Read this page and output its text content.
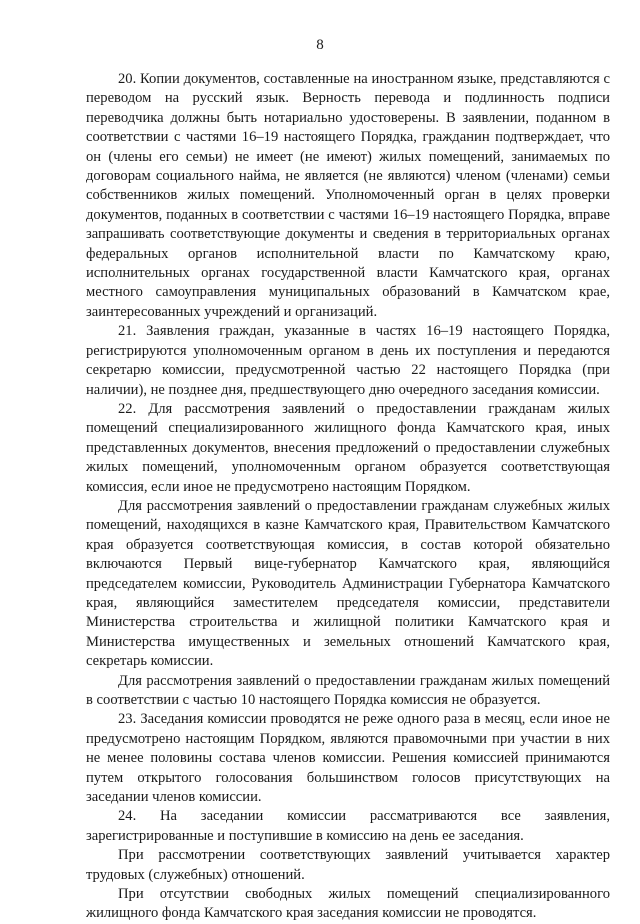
8

20. Копии документов, составленные на иностранном языке, представляются с переводом на русский язык. Верность перевода и подлинность подписи переводчика должны быть нотариально удостоверены. В заявлении, поданном в соответствии с частями 16–19 настоящего Порядка, гражданин подтверждает, что он (члены его семьи) не имеет (не имеют) жилых помещений, занимаемых по договорам социального найма, не является (не являются) членом (членами) семьи собственников жилых помещений. Уполномоченный орган в целях проверки документов, поданных в соответствии с частями 16–19 настоящего Порядка, вправе запрашивать соответствующие документы и сведения в территориальных органах федеральных органов исполнительной власти по Камчатскому краю, исполнительных органах государственной власти Камчатского края, органах местного самоуправления муниципальных образований в Камчатском крае, заинтересованных учреждений и организаций.

21. Заявления граждан, указанные в частях 16–19 настоящего Порядка, регистрируются уполномоченным органом в день их поступления и передаются секретарю комиссии, предусмотренной частью 22 настоящего Порядка (при наличии), не позднее дня, предшествующего дню очередного заседания комиссии.

22. Для рассмотрения заявлений о предоставлении гражданам жилых помещений специализированного жилищного фонда Камчатского края, иных представленных документов, внесения предложений о предоставлении служебных жилых помещений, уполномоченным органом образуется соответствующая комиссия, если иное не предусмотрено настоящим Порядком.

Для рассмотрения заявлений о предоставлении гражданам служебных жилых помещений, находящихся в казне Камчатского края, Правительством Камчатского края образуется соответствующая комиссия, в состав которой обязательно включаются Первый вице-губернатор Камчатского края, являющийся председателем комиссии, Руководитель Администрации Губернатора Камчатского края, являющийся заместителем председателя комиссии, представители Министерства строительства и жилищной политики Камчатского края и Министерства имущественных и земельных отношений Камчатского края, секретарь комиссии.

Для рассмотрения заявлений о предоставлении гражданам жилых помещений в соответствии с частью 10 настоящего Порядка комиссия не образуется.

23. Заседания комиссии проводятся не реже одного раза в месяц, если иное не предусмотрено настоящим Порядком, являются правомочными при участии в них не менее половины состава членов комиссии. Решения комиссией принимаются путем открытого голосования большинством голосов присутствующих на заседании членов комиссии.

24. На заседании комиссии рассматриваются все заявления, зарегистрированные и поступившие в комиссию на день ее заседания.

При рассмотрении соответствующих заявлений учитывается характер трудовых (служебных) отношений.

При отсутствии свободных жилых помещений специализированного жилищного фонда Камчатского края заседания комиссии не проводятся.
